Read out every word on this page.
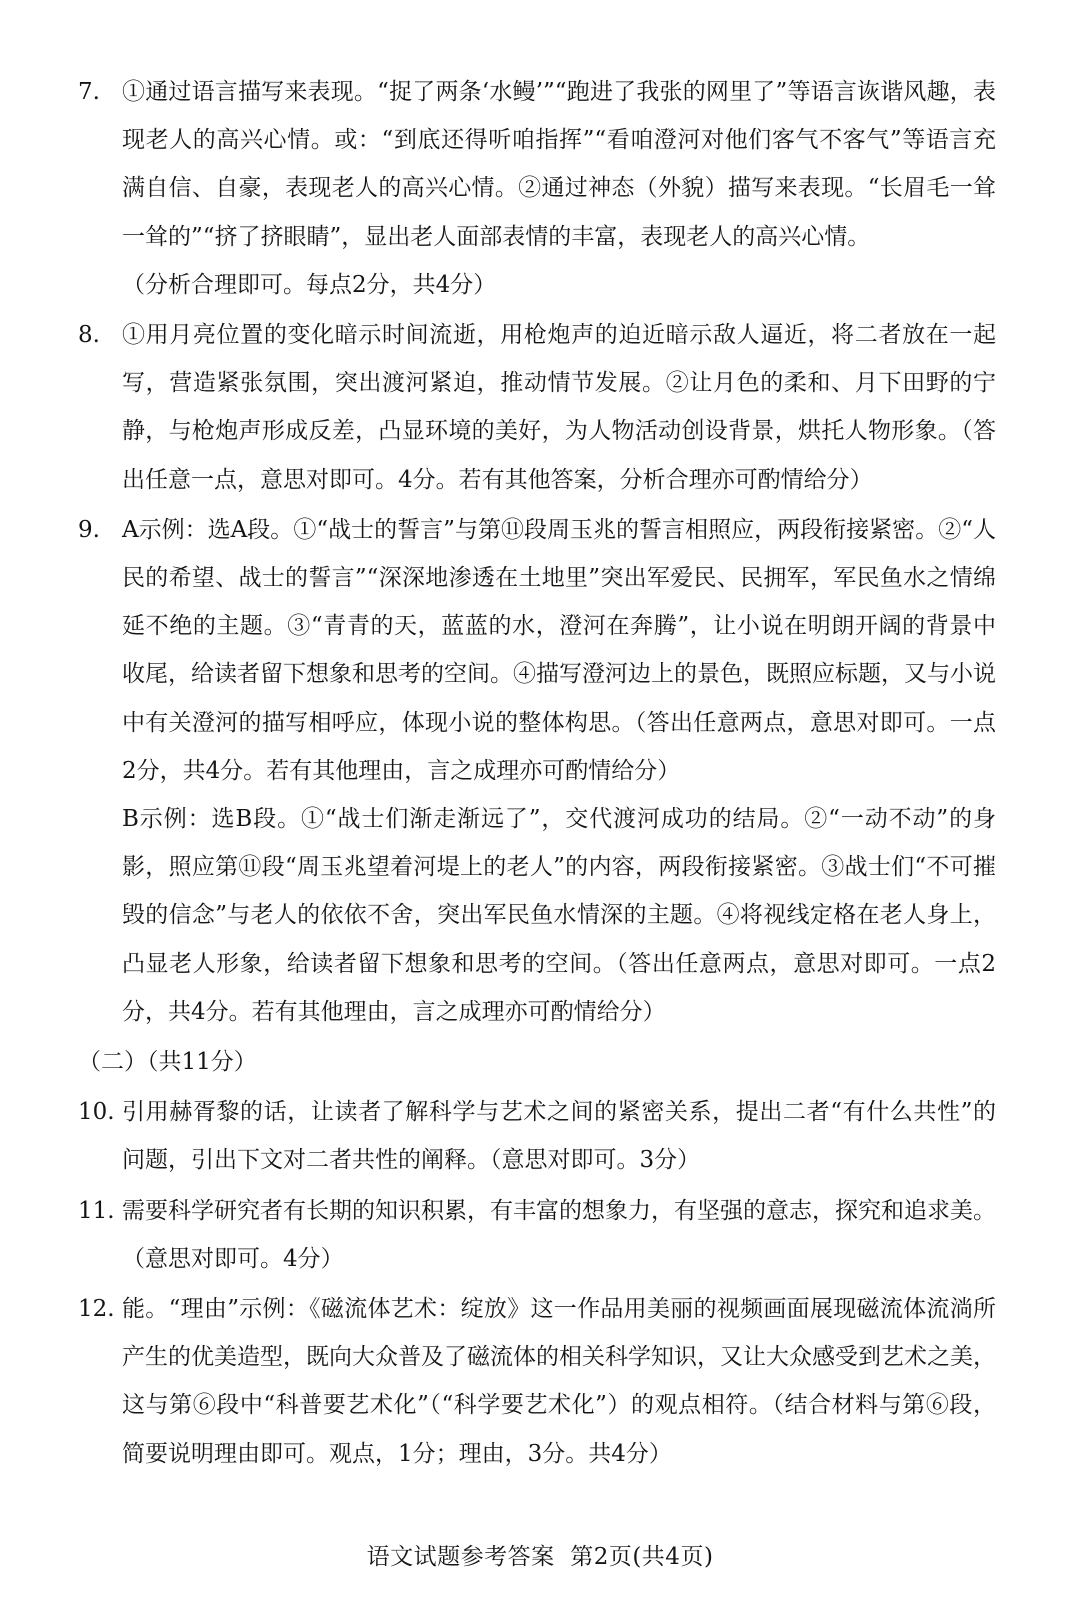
7. ①通过语言描写来表现。“捉了两条‘水鳗’”“跑进了我张的网里了”等语言诙谐风趣，表现老人的高兴心情。或：“到底还得听咱指挥”“看咱澄河对他们客气不客气”等语言充满自信、自豪，表现老人的高兴心情。②通过神态（外貌）描写来表现。“长眉毛一耸一耸的”“挤了挤眼睛”，显出老人面部表情的丰富，表现老人的高兴心情。

（分析合理即可。每点2分，共4分）

8. ①用月亮位置的变化暗示时间流逝，用枪炮声的迫近暗示敌人逼近，将二者放在一起写，营造紧张氛围，突出渡河紧迫，推动情节发展。②让月色的柔和、月下田野的宁静，与枪炮声形成反差，凸显环境的美好，为人物活动创设背景，烘托人物形象。（答出任意一点，意思对即可。4分。若有其他答案，分析合理亦可酌情给分）

9. A示例：选A段。①“战士的誓言”与第⑪段周玉兆的誓言相照应，两段衔接紧密。②“人民的希望、战士的誓言”“深深地渗透在土地里”突出军爱民、民拥军，军民鱼水之情绵延不绝的主题。③“青青的天，蓝蓝的水，澄河在奔腾”，让小说在明朗开阔的背景中收尾，给读者留下想象和思考的空间。④描写澄河边上的景色，既照应标题，又与小说中有关澄河的描写相呼应，体现小说的整体构思。（答出任意两点，意思对即可。一点2分，共4分。若有其他理由，言之成理亦可酌情给分）

B示例：选B段。①“战士们渐走渐远了”，交代渡河成功的结局。②“一动不动”的身影，照应第⑪段“周玉兆望着河堤上的老人”的内容，两段衔接紧密。③战士们“不可摧毁的信念”与老人的依依不舍，突出军民鱼水情深的主题。④将视线定格在老人身上，凸显老人形象，给读者留下想象和思考的空间。（答出任意两点，意思对即可。一点2分，共4分。若有其他理由，言之成理亦可酌情给分）

（二）（共11分）
10. 引用赫胥黎的话，让读者了解科学与艺术之间的紧密关系，提出二者“有什么共性”的问题，引出下文对二者共性的阐释。（意思对即可。3分）

11. 需要科学研究者有长期的知识积累，有丰富的想象力，有坚强的意志，探究和追求美。

（意思对即可。4分）

12. 能。“理由”示例：《磁流体艺术：绽放》这一作品用美丽的视频画面展现磁流体流淌所产生的优美造型，既向大众普及了磁流体的相关科学知识，又让大众感受到艺术之美，这与第⑥段中“科普要艺术化”（“科学要艺术化”）的观点相符。（结合材料与第⑥段，简要说明理由即可。观点，1分；理由，3分。共4分）

语文试题参考答案 第2页(共4页)
